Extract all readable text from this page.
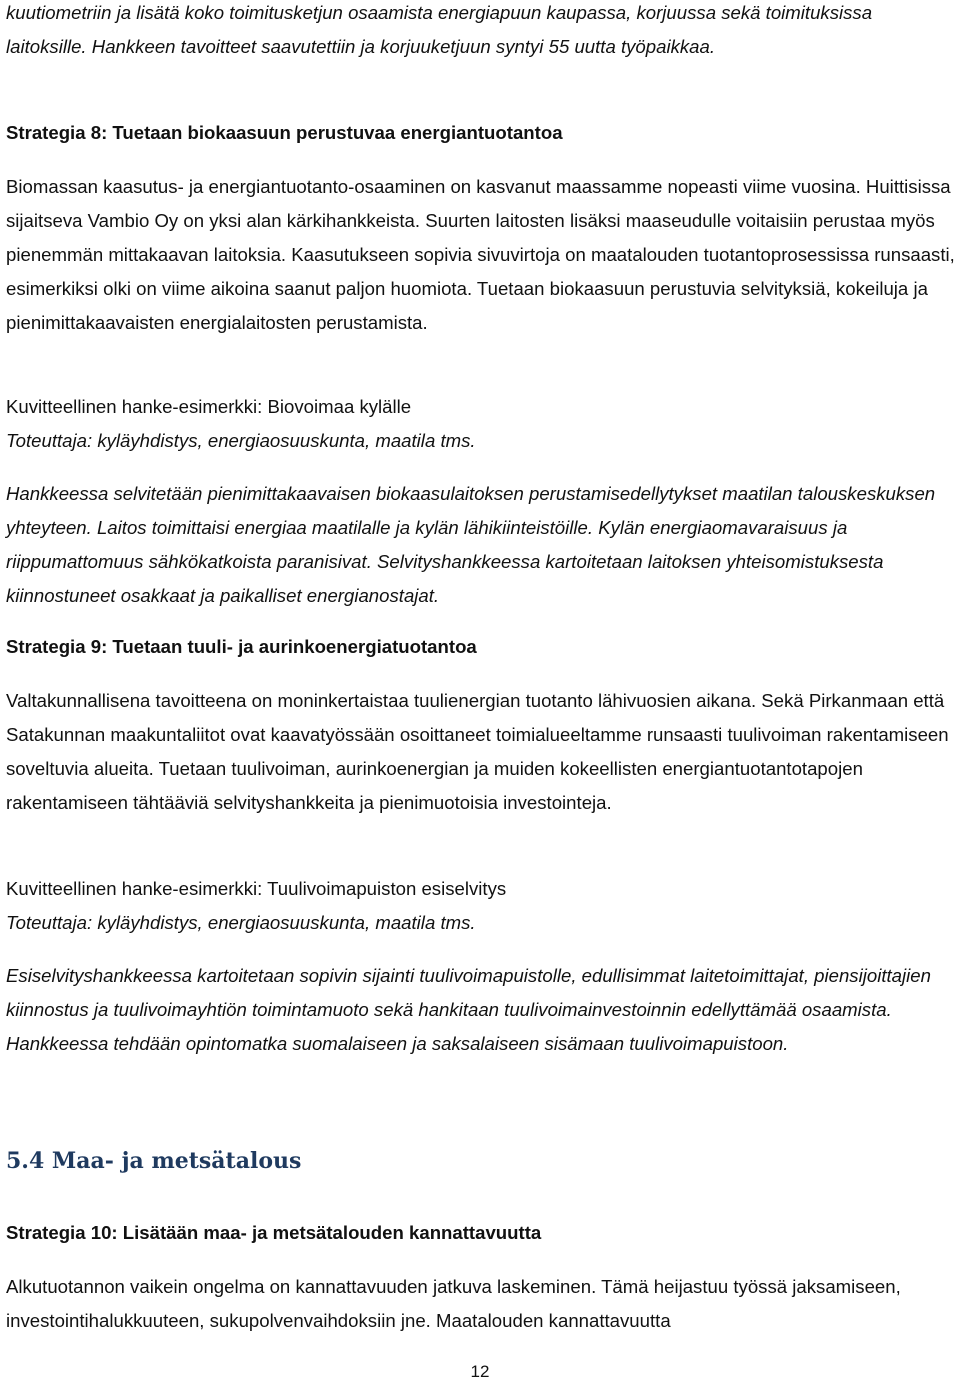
kuutiometriin ja lisätä koko toimitusketjun osaamista energiapuun kaupassa, korjuussa sekä toimituksissa laitoksille. Hankkeen tavoitteet saavutettiin ja korjuuketjuun syntyi 55 uutta työpaikkaa.

Strategia 8: Tuetaan biokaasuun perustuvaa energiantuotantoa

Biomassan kaasutus- ja energiantuotanto-osaaminen on kasvanut maassamme nopeasti viime vuosina. Huittisissa sijaitseva Vambio Oy on yksi alan kärkihankkeista. Suurten laitosten lisäksi maaseudulle voitaisiin perustaa myös pienemmän mittakaavan laitoksia. Kaasutukseen sopivia sivuvirtoja on maatalouden tuotantoprosessissa runsaasti, esimerkiksi olki on viime aikoina saanut paljon huomiota. Tuetaan biokaasuun perustuvia selvityksiä, kokeiluja ja pienimittakaavaisten energialaitosten perustamista.

Kuvitteellinen hanke-esimerkki: Biovoimaa kylälle

Toteuttaja: kyläyhdistys, energiaosuuskunta, maatila tms.

Hankkeessa selvitetään pienimittakaavaisen biokaasulaitoksen perustamisedellytykset maatilan talouskeskuksen yhteyteen. Laitos toimittaisi energiaa maatilalle ja kylän lähikiinteistöille. Kylän energiaomavaraisuus ja riippumattomuus sähkökatkoista paranisivat. Selvityshankkeessa kartoitetaan laitoksen yhteisomistuksesta kiinnostuneet osakkaat ja paikalliset energianostajat.

Strategia 9: Tuetaan tuuli- ja aurinkoenergiatuotantoa

Valtakunnallisena tavoitteena on moninkertaistaa tuulienergian tuotanto lähivuosien aikana. Sekä Pirkanmaan että Satakunnan maakuntaliitot ovat kaavatyössään osoittaneet toimialueeltamme runsaasti tuulivoiman rakentamiseen soveltuvia alueita. Tuetaan tuulivoiman, aurinkoenergian ja muiden kokeellisten energiantuotantotapojen rakentamiseen tähtääviä selvityshankkeita ja pienimuotoisia investointeja.

Kuvitteellinen hanke-esimerkki: Tuulivoimapuiston esiselvitys

Toteuttaja: kyläyhdistys, energiaosuuskunta, maatila tms.

Esiselvityshankkeessa kartoitetaan sopivin sijainti tuulivoimapuistolle, edullisimmat laitetoimittajat, piensijoittajien kiinnostus ja tuulivoimayhtiön toimintamuoto sekä hankitaan tuulivoimainvestoinnin edellyttämää osaamista. Hankkeessa tehdään opintomatka suomalaiseen ja saksalaiseen sisämaan tuulivoimapuistoon.

5.4 Maa- ja metsätalous

Strategia 10: Lisätään maa- ja metsätalouden kannattavuutta

Alkutuotannon vaikein ongelma on kannattavuuden jatkuva laskeminen. Tämä heijastuu työssä jaksamiseen, investointihalukkuuteen, sukupolvenvaihdoksiin jne. Maatalouden kannattavuutta

12
